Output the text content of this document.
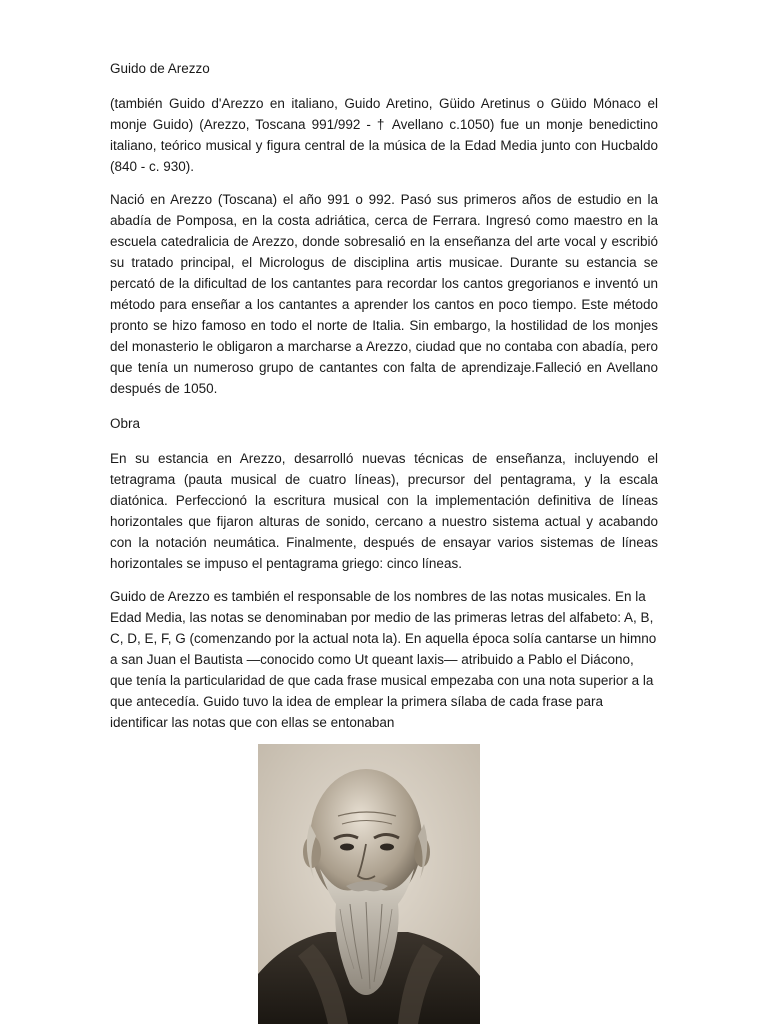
Guido de Arezzo

(también Guido d'Arezzo en italiano, Guido Aretino, Güido Aretinus o Güido Mónaco el monje Guido) (Arezzo, Toscana 991/992 - † Avellano c.1050) fue un monje benedictino italiano, teórico musical y figura central de la música de la Edad Media junto con Hucbaldo (840 - c. 930).

Nació en Arezzo (Toscana) el año 991 o 992. Pasó sus primeros años de estudio en la abadía de Pomposa, en la costa adriática, cerca de Ferrara. Ingresó como maestro en la escuela catedralicia de Arezzo, donde sobresalió en la enseñanza del arte vocal y escribió su tratado principal, el Micrologus de disciplina artis musicae. Durante su estancia se percató de la dificultad de los cantantes para recordar los cantos gregorianos e inventó un método para enseñar a los cantantes a aprender los cantos en poco tiempo. Este método pronto se hizo famoso en todo el norte de Italia. Sin embargo, la hostilidad de los monjes del monasterio le obligaron a marcharse a Arezzo, ciudad que no contaba con abadía, pero que tenía un numeroso grupo de cantantes con falta de aprendizaje.Falleció en Avellano después de 1050.

Obra

En su estancia en Arezzo, desarrolló nuevas técnicas de enseñanza, incluyendo el tetragrama (pauta musical de cuatro líneas), precursor del pentagrama, y la escala diatónica. Perfeccionó la escritura musical con la implementación definitiva de líneas horizontales que fijaron alturas de sonido, cercano a nuestro sistema actual y acabando con la notación neumática. Finalmente, después de ensayar varios sistemas de líneas horizontales se impuso el pentagrama griego: cinco líneas.

Guido de Arezzo es también el responsable de los nombres de las notas musicales. En la Edad Media, las notas se denominaban por medio de las primeras letras del alfabeto: A, B, C, D, E, F, G (comenzando por la actual nota la). En aquella época solía cantarse un himno a san Juan el Bautista —conocido como Ut queant laxis— atribuido a Pablo el Diácono, que tenía la particularidad de que cada frase musical empezaba con una nota superior a la que antecedía. Guido tuvo la idea de emplear la primera sílaba de cada frase para identificar las notas que con ellas se entonaban
